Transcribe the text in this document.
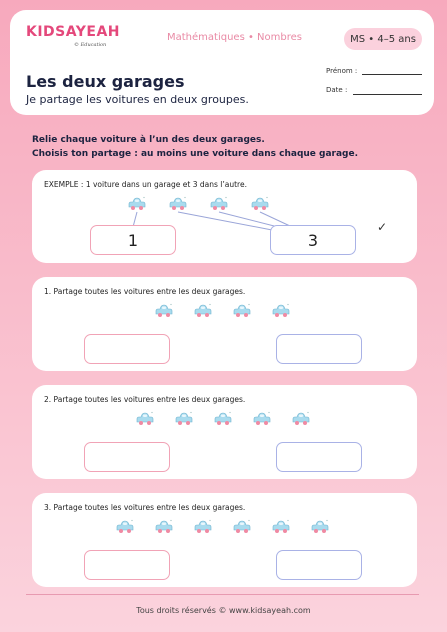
KIDSAYEAH
© Education
Mathématiques • Nombres	MS • 4–5 ans
Les deux garages
Je partage les voitures en deux groupes.
Prénom :
Date :
Relie chaque voiture à l’un des deux garages.
Choisis ton partage : au moins une voiture dans chaque garage.
EXEMPLE : 1 voiture dans un garage et 3 dans l’autre.
1	3
✓
1. Partage toutes les voitures entre les deux garages.
2. Partage toutes les voitures entre les deux garages.
3. Partage toutes les voitures entre les deux garages.
Tous droits réservés © www.kidsayeah.com
